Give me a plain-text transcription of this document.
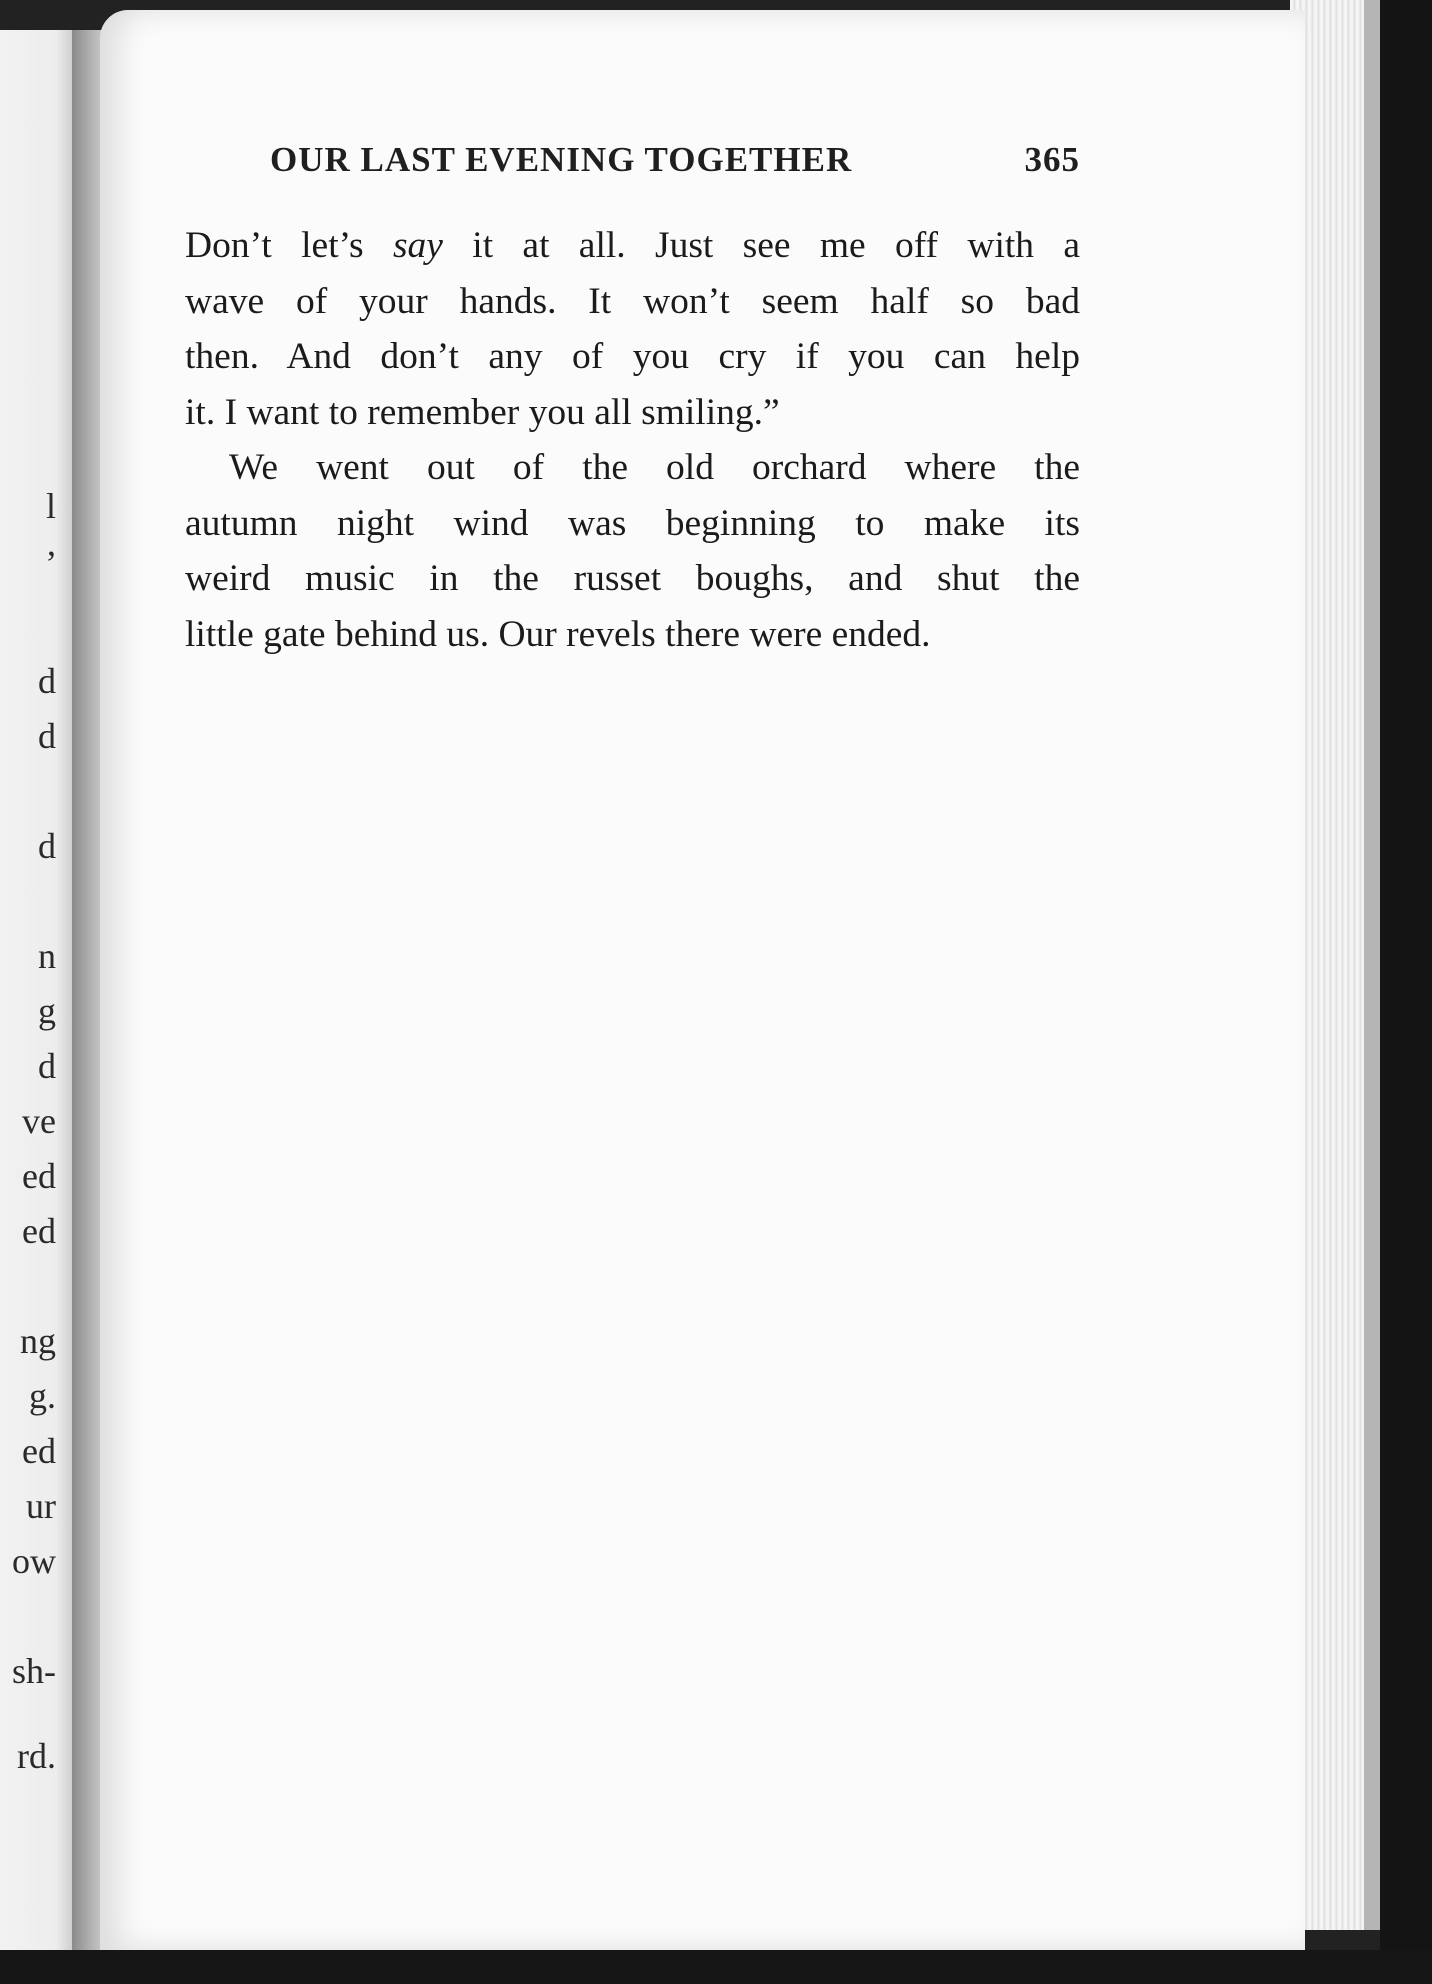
l
,
d
d
d
n
g
d
ve
ed
ed
ng
g.
ed
ur
ow
sh-
rd.
OUR LAST EVENING TOGETHER	365
Don’t let’s say it at all. Just see me off with a
wave of your hands. It won’t seem half so bad
then. And don’t any of you cry if you can help
it. I want to remember you all smiling.”
We went out of the old orchard where the
autumn night wind was beginning to make its
weird music in the russet boughs, and shut the
little gate behind us. Our revels there were ended.
